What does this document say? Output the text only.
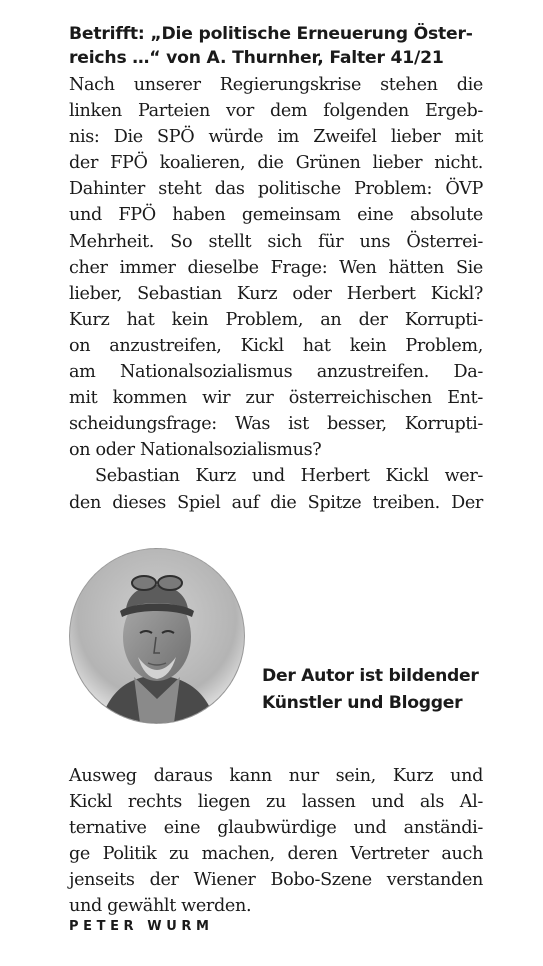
Betrifft: „Die politische Erneuerung Öster-
reichs …“ von A. Thurnher, Falter 41/21

Nach unserer Regierungskrise stehen die
linken Parteien vor dem folgenden Ergeb-
nis: Die SPÖ würde im Zweifel lieber mit
der FPÖ koalieren, die Grünen lieber nicht.
Dahinter steht das politische Problem: ÖVP
und FPÖ haben gemeinsam eine absolute
Mehrheit. So stellt sich für uns Österrei-
cher immer dieselbe Frage: Wen hätten Sie
lieber, Sebastian Kurz oder Herbert Kickl?
Kurz hat kein Problem, an der Korrupti-
on anzustreifen, Kickl hat kein Problem,
am Nationalsozialismus anzustreifen. Da-
mit kommen wir zur österreichischen Ent-
scheidungsfrage: Was ist besser, Korrupti-
on oder Nationalsozialismus?

Sebastian Kurz und Herbert Kickl wer-
den dieses Spiel auf die Spitze treiben. Der

Der Autor ist bildender
Künstler und Blogger

Ausweg daraus kann nur sein, Kurz und
Kickl rechts liegen zu lassen und als Al-
ternative eine glaubwürdige und anständi-
ge Politik zu machen, deren Vertreter auch
jenseits der Wiener Bobo-Szene verstanden
und gewählt werden.

PETER WURM
